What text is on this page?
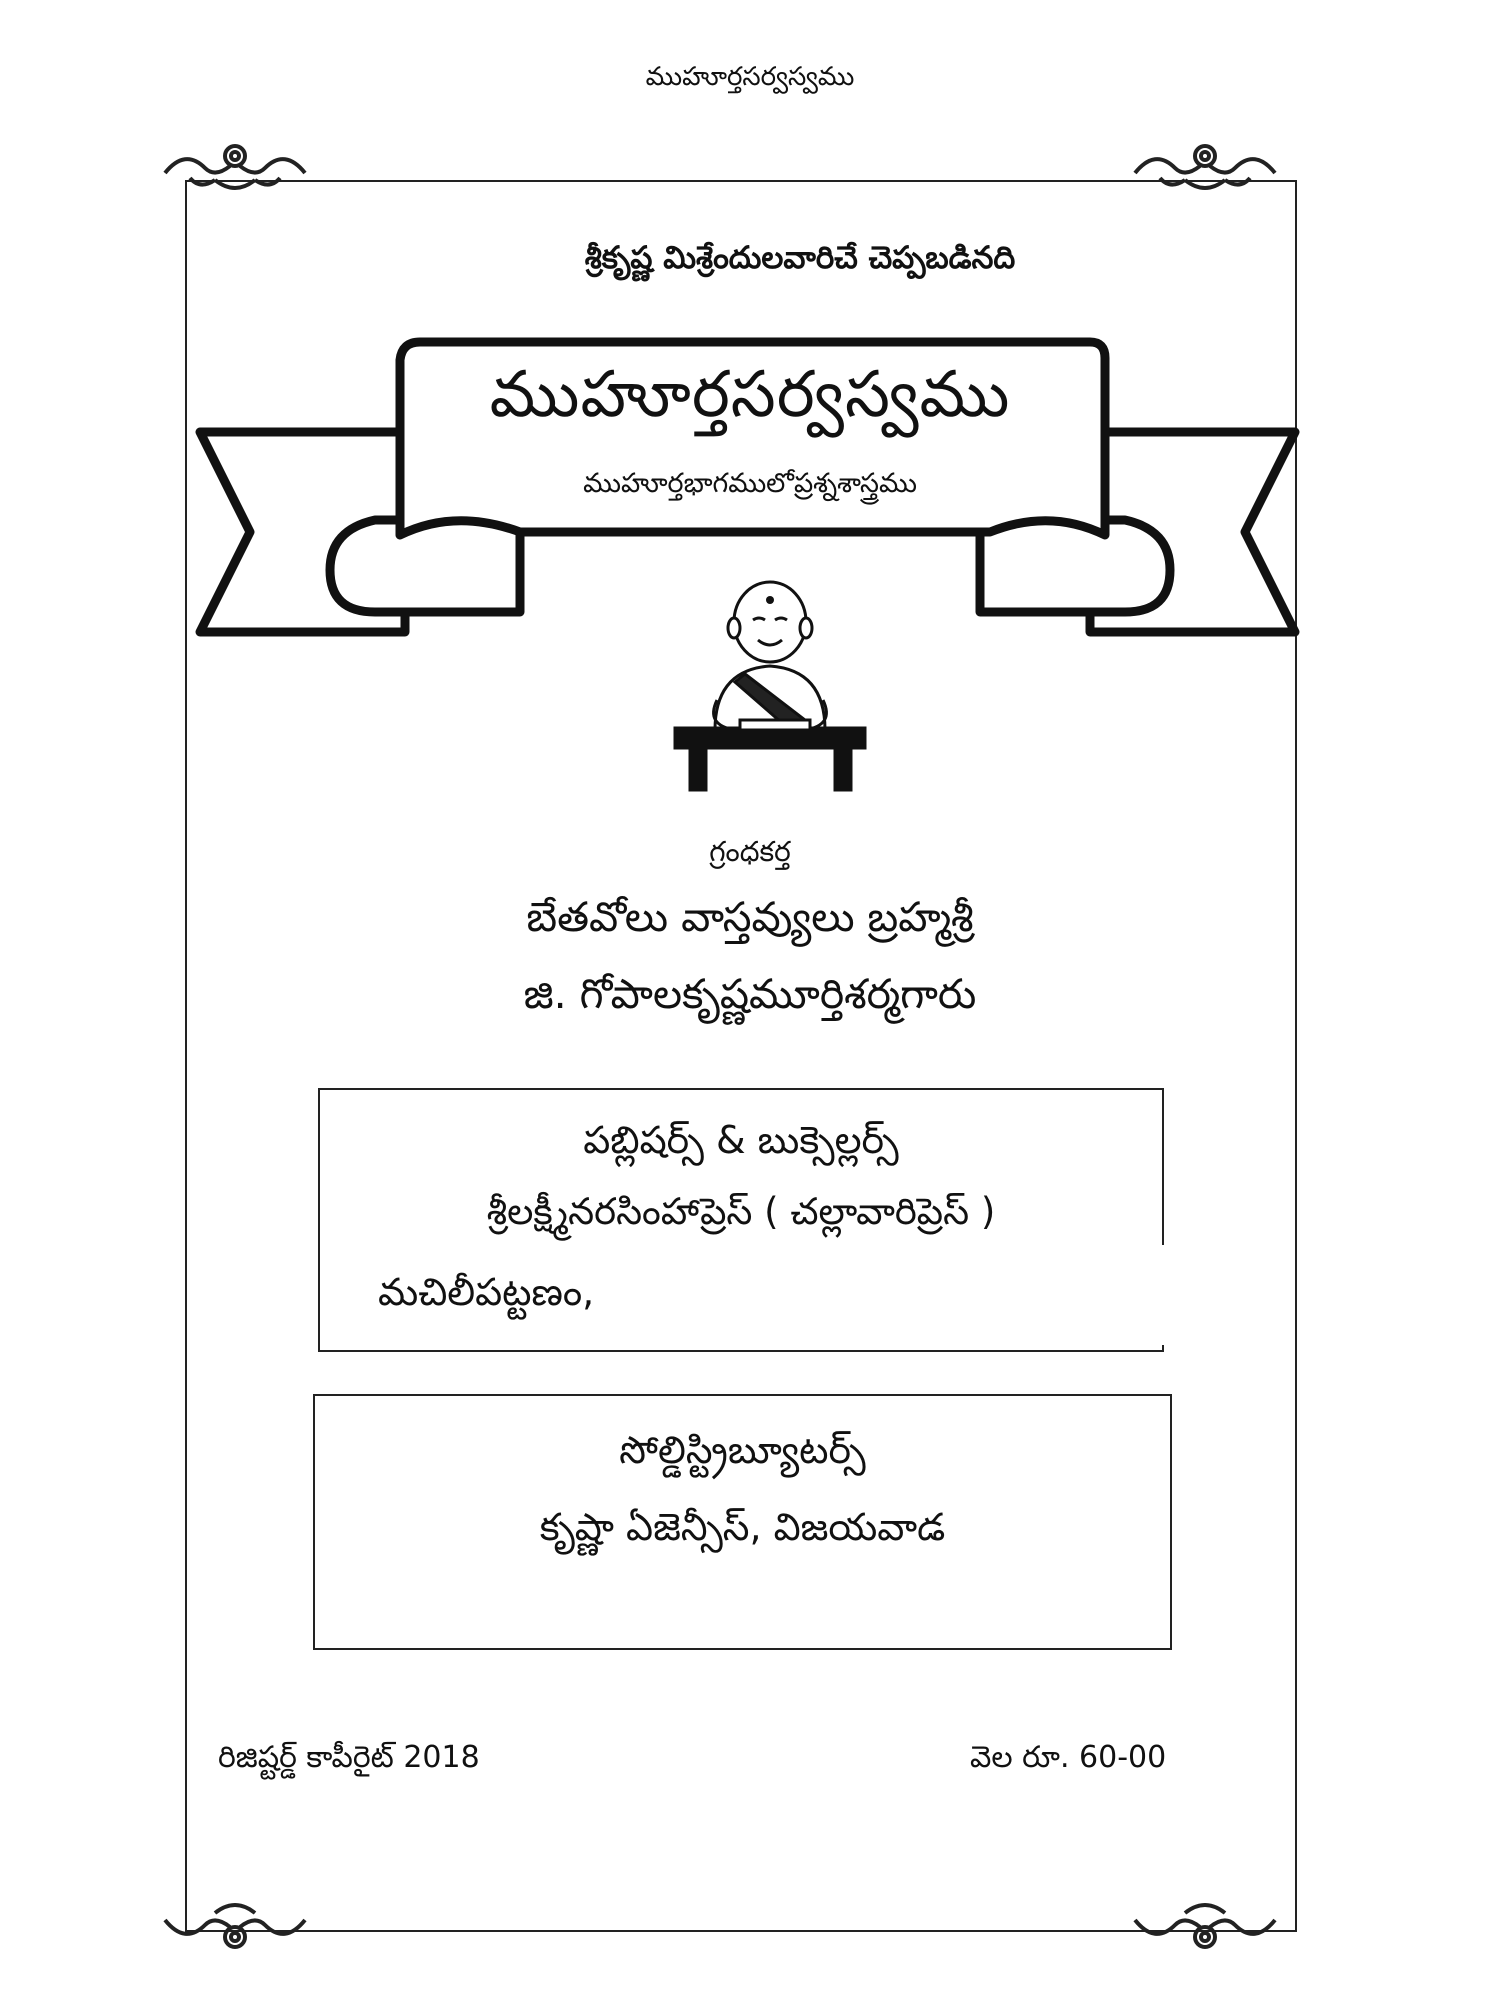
ముహూర్తసర్వస్వము
శ్రీకృష్ణ మిశ్రేందులవారిచే చెప్పబడినది
ముహూర్తసర్వస్వము
ముహూర్తభాగములోప్రశ్నశాస్త్రము
గ్రంధకర్త
బేతవోలు వాస్తవ్యులు బ్రహ్మశ్రీ
జి. గోపాలకృష్ణమూర్తిశర్మగారు
పబ్లిషర్స్ & బుక్సెల్లర్స్
శ్రీలక్ష్మీనరసింహాప్రెస్ ( చల్లావారిప్రెస్ )
మచిలీపట్టణం,
సోల్డిస్ట్రిబ్యూటర్స్
కృష్ణా ఏజెన్సీస్, విజయవాడ
రిజిష్టర్డ్ కాపీరైట్ 2018	వెల రూ. 60-00
